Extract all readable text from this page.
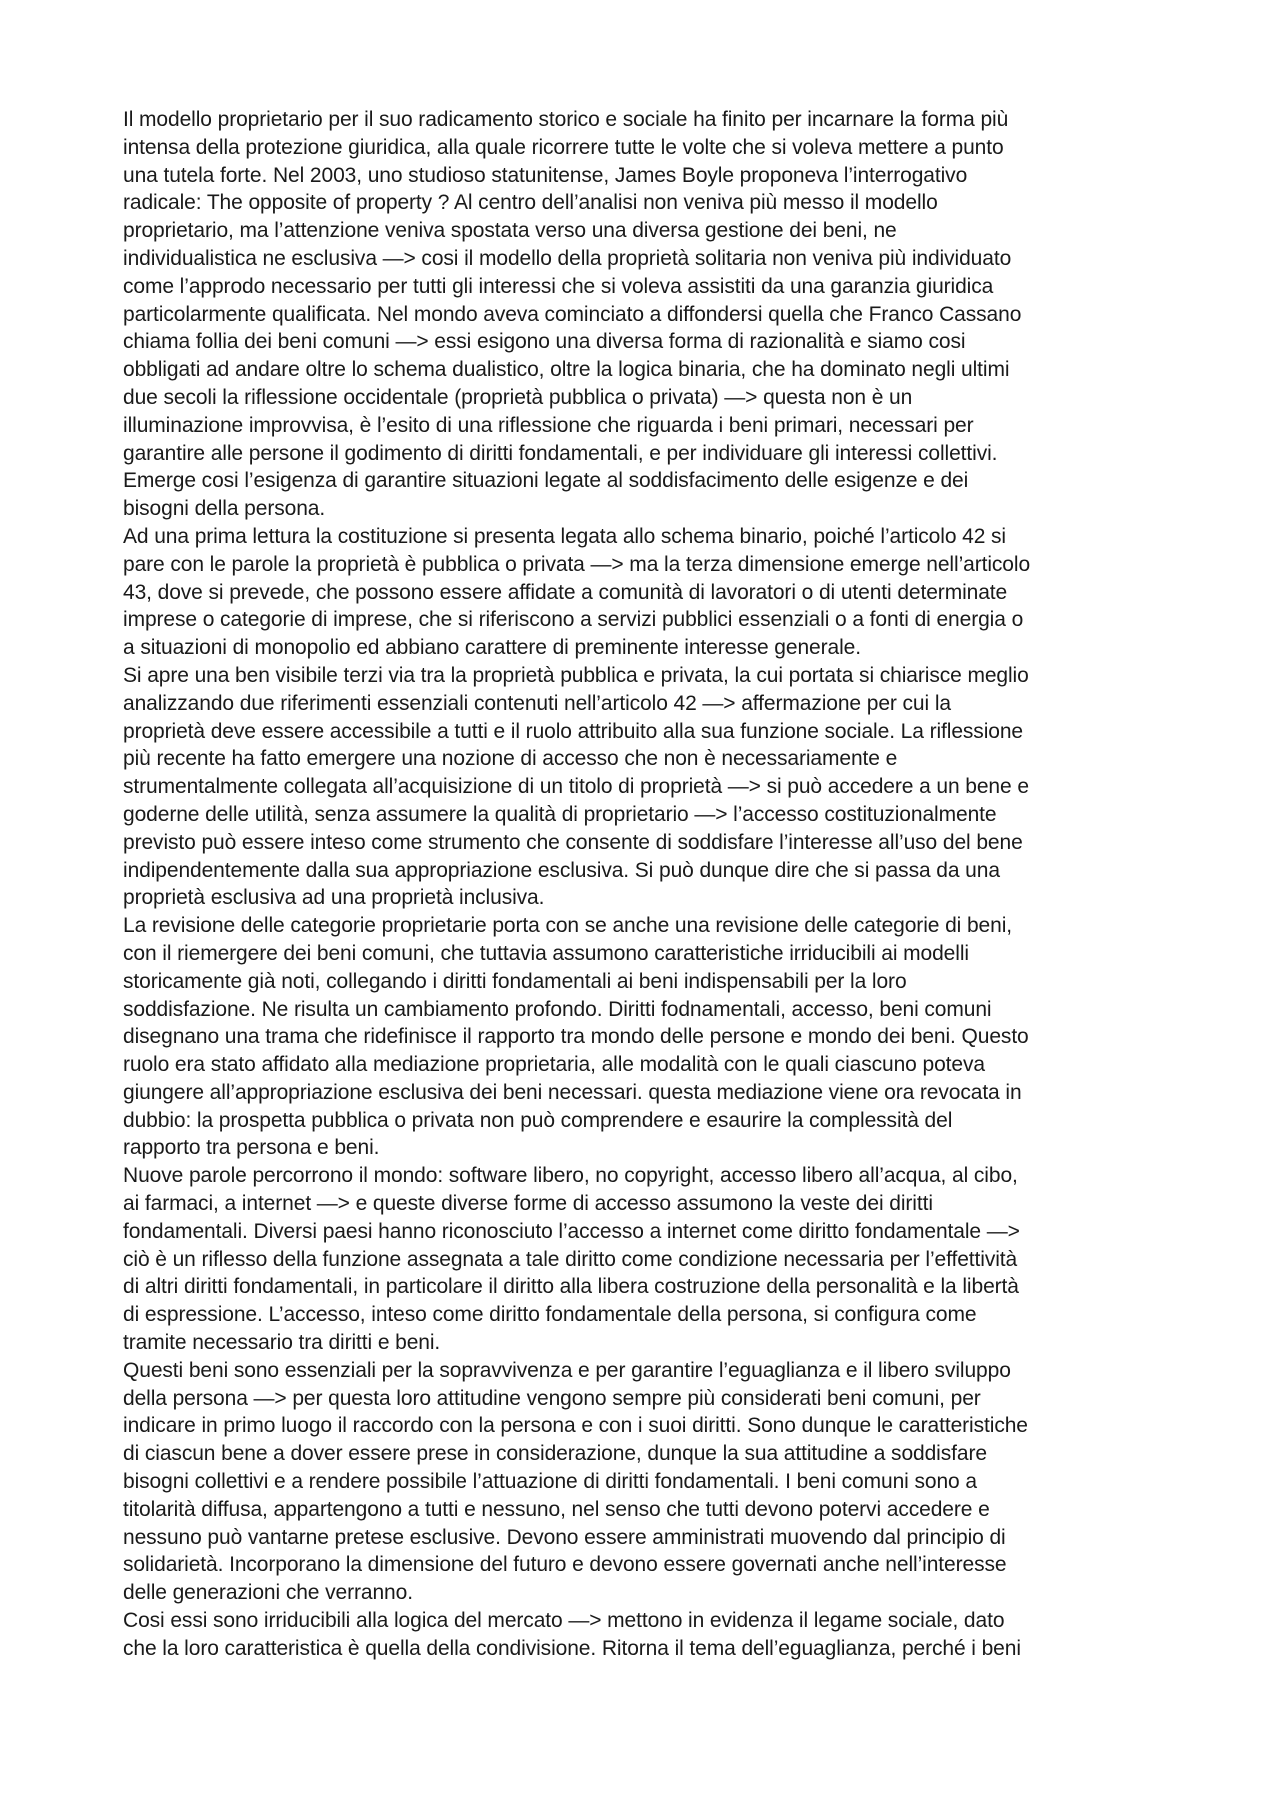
Il modello proprietario per il suo radicamento storico e sociale ha finito per incarnare la forma più
intensa della protezione giuridica, alla quale ricorrere tutte le volte che si voleva mettere a punto
una tutela forte. Nel 2003, uno studioso statunitense, James Boyle proponeva l’interrogativo
radicale: The opposite of property ? Al centro dell’analisi non veniva più messo il modello
proprietario, ma l’attenzione veniva spostata verso una diversa gestione dei beni, ne
individualistica ne esclusiva —> cosi il modello della proprietà solitaria non veniva più individuato
come l’approdo necessario per tutti gli interessi che si voleva assistiti da una garanzia giuridica
particolarmente qualificata. Nel mondo aveva cominciato a diffondersi quella che Franco Cassano
chiama follia dei beni comuni —> essi esigono una diversa forma di razionalità e siamo cosi
obbligati ad andare oltre lo schema dualistico, oltre la logica binaria, che ha dominato negli ultimi
due secoli la riflessione occidentale (proprietà pubblica o privata) —> questa non è un
illuminazione improvvisa, è l’esito di una riflessione che riguarda i beni primari, necessari per
garantire alle persone il godimento di diritti fondamentali, e per individuare gli interessi collettivi.
Emerge cosi l’esigenza di garantire situazioni legate al soddisfacimento delle esigenze e dei
bisogni della persona.
Ad una prima lettura la costituzione si presenta legata allo schema binario, poiché l’articolo 42 si
pare con le parole la proprietà è pubblica o privata —> ma la terza dimensione emerge nell’articolo
43, dove si prevede, che possono essere affidate a comunità di lavoratori o di utenti determinate
imprese o categorie di imprese, che si riferiscono a servizi pubblici essenziali o a fonti di energia o
a situazioni di monopolio ed abbiano carattere di preminente interesse generale.
Si apre una ben visibile terzi via tra la proprietà pubblica e privata, la cui portata si chiarisce meglio
analizzando due riferimenti essenziali contenuti nell’articolo 42 —> affermazione per cui la
proprietà deve essere accessibile a tutti e il ruolo attribuito alla sua funzione sociale. La riflessione
più recente ha fatto emergere una nozione di accesso che non è necessariamente e
strumentalmente collegata all’acquisizione di un titolo di proprietà —> si può accedere a un bene e
goderne delle utilità, senza assumere la qualità di proprietario —> l’accesso costituzionalmente
previsto può essere inteso come strumento che consente di soddisfare l’interesse all’uso del bene
indipendentemente dalla sua appropriazione esclusiva. Si può dunque dire che si passa da una
proprietà esclusiva ad una proprietà inclusiva.
La revisione delle categorie proprietarie porta con se anche una revisione delle categorie di beni,
con il riemergere dei beni comuni, che tuttavia assumono caratteristiche irriducibili ai modelli
storicamente già noti, collegando i diritti fondamentali ai beni indispensabili per la loro
soddisfazione. Ne risulta un cambiamento profondo. Diritti fodnamentali, accesso, beni comuni
disegnano una trama che ridefinisce il rapporto tra mondo delle persone e mondo dei beni. Questo
ruolo era stato affidato alla mediazione proprietaria, alle modalità con le quali ciascuno poteva
giungere all’appropriazione esclusiva dei beni necessari. questa mediazione viene ora revocata in
dubbio: la prospetta pubblica o privata non può comprendere e esaurire la complessità del
rapporto tra persona e beni.
Nuove parole percorrono il mondo: software libero, no copyright, accesso libero all’acqua, al cibo,
ai farmaci, a internet —> e queste diverse forme di accesso assumono la veste dei diritti
fondamentali. Diversi paesi hanno riconosciuto l’accesso a internet come diritto fondamentale —>
ciò è un riflesso della funzione assegnata a tale diritto come condizione necessaria per l’effettività
di altri diritti fondamentali, in particolare il diritto alla libera costruzione della personalità e la libertà
di espressione. L’accesso, inteso come diritto fondamentale della persona, si configura come
tramite necessario tra diritti e beni.
Questi beni sono essenziali per la sopravvivenza e per garantire l’eguaglianza e il libero sviluppo
della persona —> per questa loro attitudine vengono sempre più considerati beni comuni, per
indicare in primo luogo il raccordo con la persona e con i suoi diritti. Sono dunque le caratteristiche
di ciascun bene a dover essere prese in considerazione, dunque la sua attitudine a soddisfare
bisogni collettivi e a rendere possibile l’attuazione di diritti fondamentali. I beni comuni sono a
titolarità diffusa, appartengono a tutti e nessuno, nel senso che tutti devono potervi accedere e
nessuno può vantarne pretese esclusive. Devono essere amministrati muovendo dal principio di
solidarietà. Incorporano la dimensione del futuro e devono essere governati anche nell’interesse
delle generazioni che verranno.
Cosi essi sono irriducibili alla logica del mercato —> mettono in evidenza il legame sociale, dato
che la loro caratteristica è quella della condivisione. Ritorna il tema dell’eguaglianza, perché i beni
